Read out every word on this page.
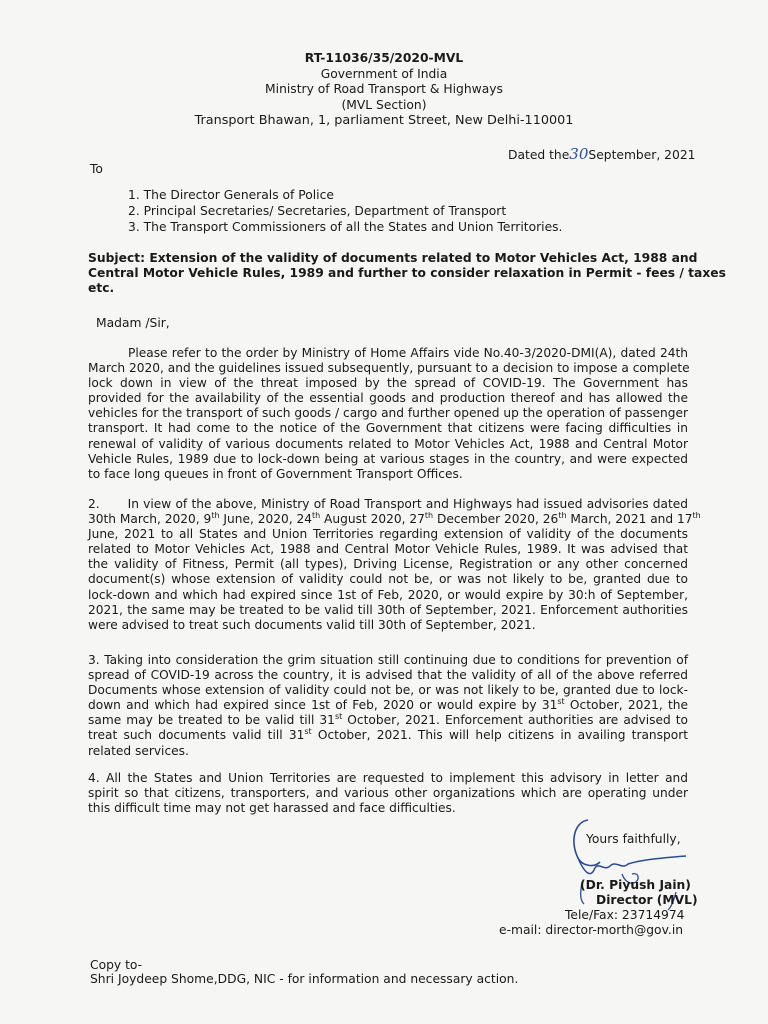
RT-11036/35/2020-MVL
Government of India
Ministry of Road Transport & Highways
(MVL Section)
Transport Bhawan, 1, parliament Street, New Delhi-110001
Dated the30September, 2021
To
1. The Director Generals of Police
2. Principal Secretaries/ Secretaries, Department of Transport
3. The Transport Commissioners of all the States and Union Territories.
Subject: Extension of the validity of documents related to Motor Vehicles Act, 1988 and
Central Motor Vehicle Rules, 1989 and further to consider relaxation in Permit - fees / taxes
etc.
Madam /Sir,
Please refer to the order by Ministry of Home Affairs vide No.40-3/2020-DMI(A), dated 24th
March 2020, and the guidelines issued subsequently, pursuant to a decision to impose a complete
lock down in view of the threat imposed by the spread of COVID-19. The Government has
provided for the availability of the essential goods and production thereof and has allowed the
vehicles for the transport of such goods / cargo and further opened up the operation of passenger
transport. It had come to the notice of the Government that citizens were facing difficulties in
renewal of validity of various documents related to Motor Vehicles Act, 1988 and Central Motor
Vehicle Rules, 1989 due to lock-down being at various stages in the country, and were expected
to face long queues in front of Government Transport Offices.
2. In view of the above, Ministry of Road Transport and Highways had issued advisories dated
30th March, 2020, 9th June, 2020, 24th August 2020, 27th December 2020, 26th March, 2021 and 17th
June, 2021 to all States and Union Territories regarding extension of validity of the documents
related to Motor Vehicles Act, 1988 and Central Motor Vehicle Rules, 1989. It was advised that
the validity of Fitness, Permit (all types), Driving License, Registration or any other concerned
document(s) whose extension of validity could not be, or was not likely to be, granted due to
lock-down and which had expired since 1st of Feb, 2020, or would expire by 30:h of September,
2021, the same may be treated to be valid till 30th of September, 2021. Enforcement authorities
were advised to treat such documents valid till 30th of September, 2021.
3. Taking into consideration the grim situation still continuing due to conditions for prevention of
spread of COVID-19 across the country, it is advised that the validity of all of the above referred
Documents whose extension of validity could not be, or was not likely to be, granted due to lock-
down and which had expired since 1st of Feb, 2020 or would expire by 31st October, 2021, the
same may be treated to be valid till 31st October, 2021. Enforcement authorities are advised to
treat such documents valid till 31st October, 2021. This will help citizens in availing transport
related services.
4. All the States and Union Territories are requested to implement this advisory in letter and
spirit so that citizens, transporters, and various other organizations which are operating under
this difficult time may not get harassed and face difficulties.
Yours faithfully,
(Dr. Piyush Jain)
Director (MVL)
Tele/Fax: 23714974
e-mail: director-morth@gov.in
Copy to-
Shri Joydeep Shome,DDG, NIC - for information and necessary action.
